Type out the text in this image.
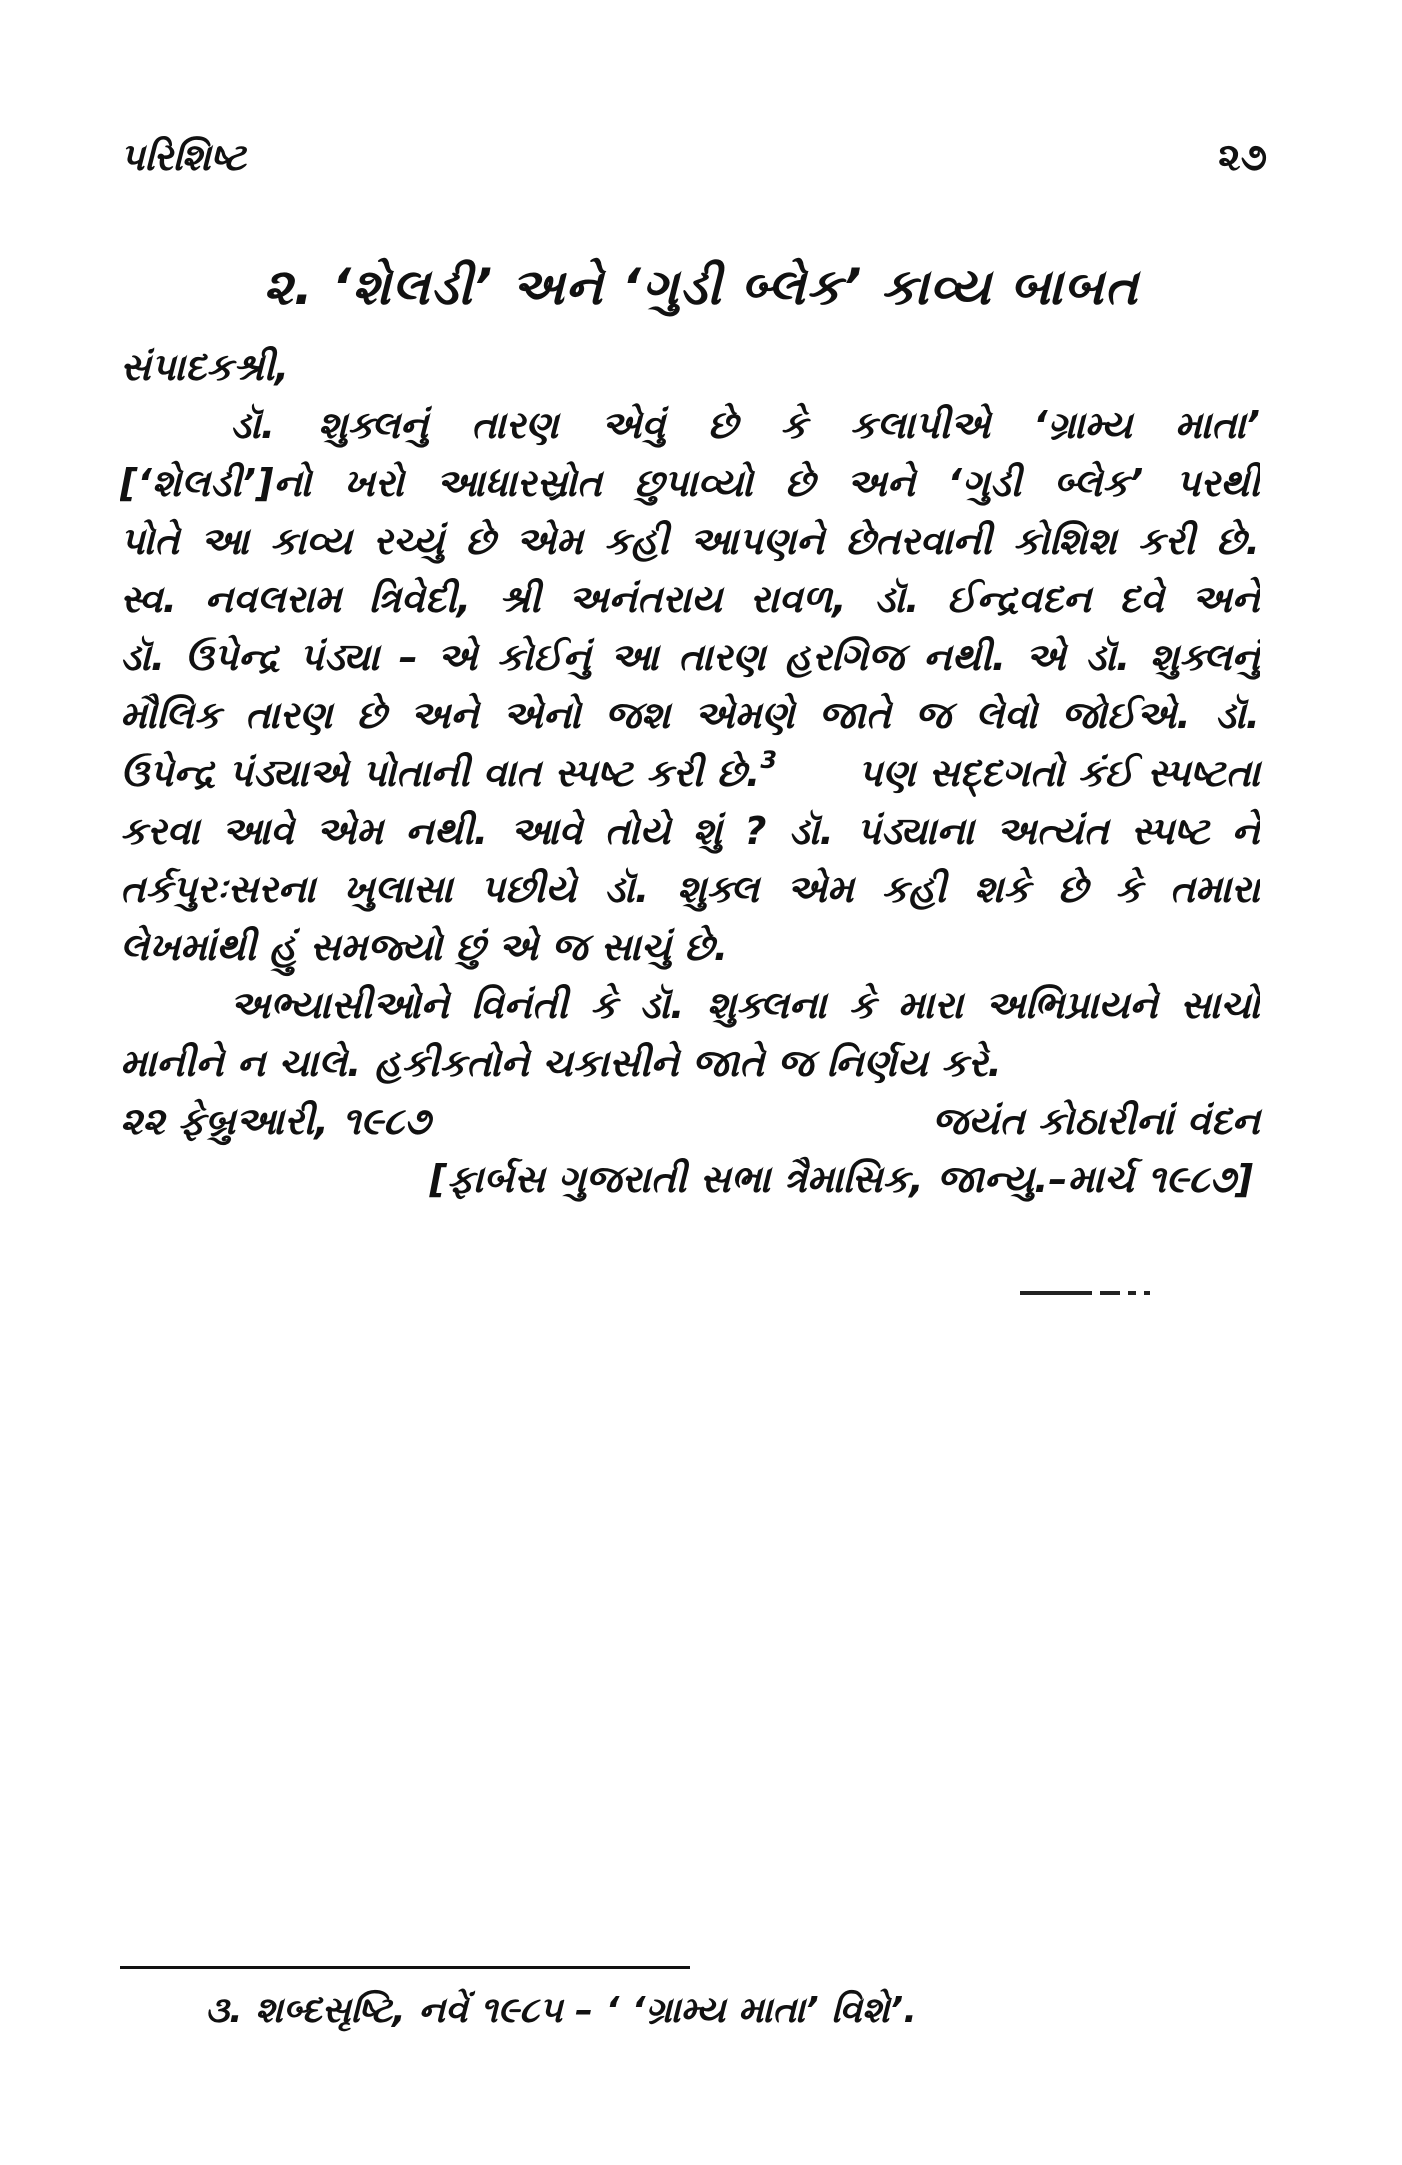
પરિશિષ્ટ	૨૭
૨. ‘શેલડી’ અને ‘ગુડી બ્લેક’ કાવ્ય બાબત
સંપાદકશ્રી,
ડૉ. શુક્લનું તારણ એવું છે કે કલાપીએ ‘ગ્રામ્ય માતા’
[‘શેલડી’]નો ખરો આધારસ્રોત છુપાવ્યો છે અને ‘ગુડી બ્લેક’ પરથી
પોતે આ કાવ્ય રચ્યું છે એમ કહી આપણને છેતરવાની કોશિશ કરી છે.
સ્વ. નવલરામ ત્રિવેદી, શ્રી અનંતરાય રાવળ, ડૉ. ઈન્દ્રવદન દવે અને
ડૉ. ઉપેન્દ્ર પંડ્યા – એ કોઈનું આ તારણ હરગિજ નથી. એ ડૉ. શુક્લનું
મૌલિક તારણ છે અને એનો જશ એમણે જાતે જ લેવો જોઈએ. ડૉ.
ઉપેન્દ્ર પંડ્યાએ પોતાની વાત સ્પષ્ટ કરી છે.$^3$ પણ સદ્દગતો કંઈ સ્પષ્ટતા
કરવા આવે એમ નથી. આવે તોયે શું ? ડૉ. પંડ્યાના અત્યંત સ્પષ્ટ ને
તર્કપુરઃસરના ખુલાસા પછીયે ડૉ. શુક્લ એમ કહી શકે છે કે તમારા
લેખમાંથી હું સમજ્યો છું એ જ સાચું છે.
અભ્યાસીઓને વિનંતી કે ડૉ. શુક્લના કે મારા અભિપ્રાયને સાચો
માનીને ન ચાલે. હકીકતોને ચકાસીને જાતે જ નિર્ણય કરે.
૨૨ ફેબ્રુઆરી, ૧૯૮૭	જયંત કોઠારીનાં વંદન
[ફાર્બસ ગુજરાતી સભા ત્રૈમાસિક, જાન્યુ.–માર્ચ ૧૯૮૭]
૩. શબ્દસૃષ્ટિ, નવેં ૧૯૮૫ – ‘ ‘ગ્રામ્ય માતા’ વિશે’.
